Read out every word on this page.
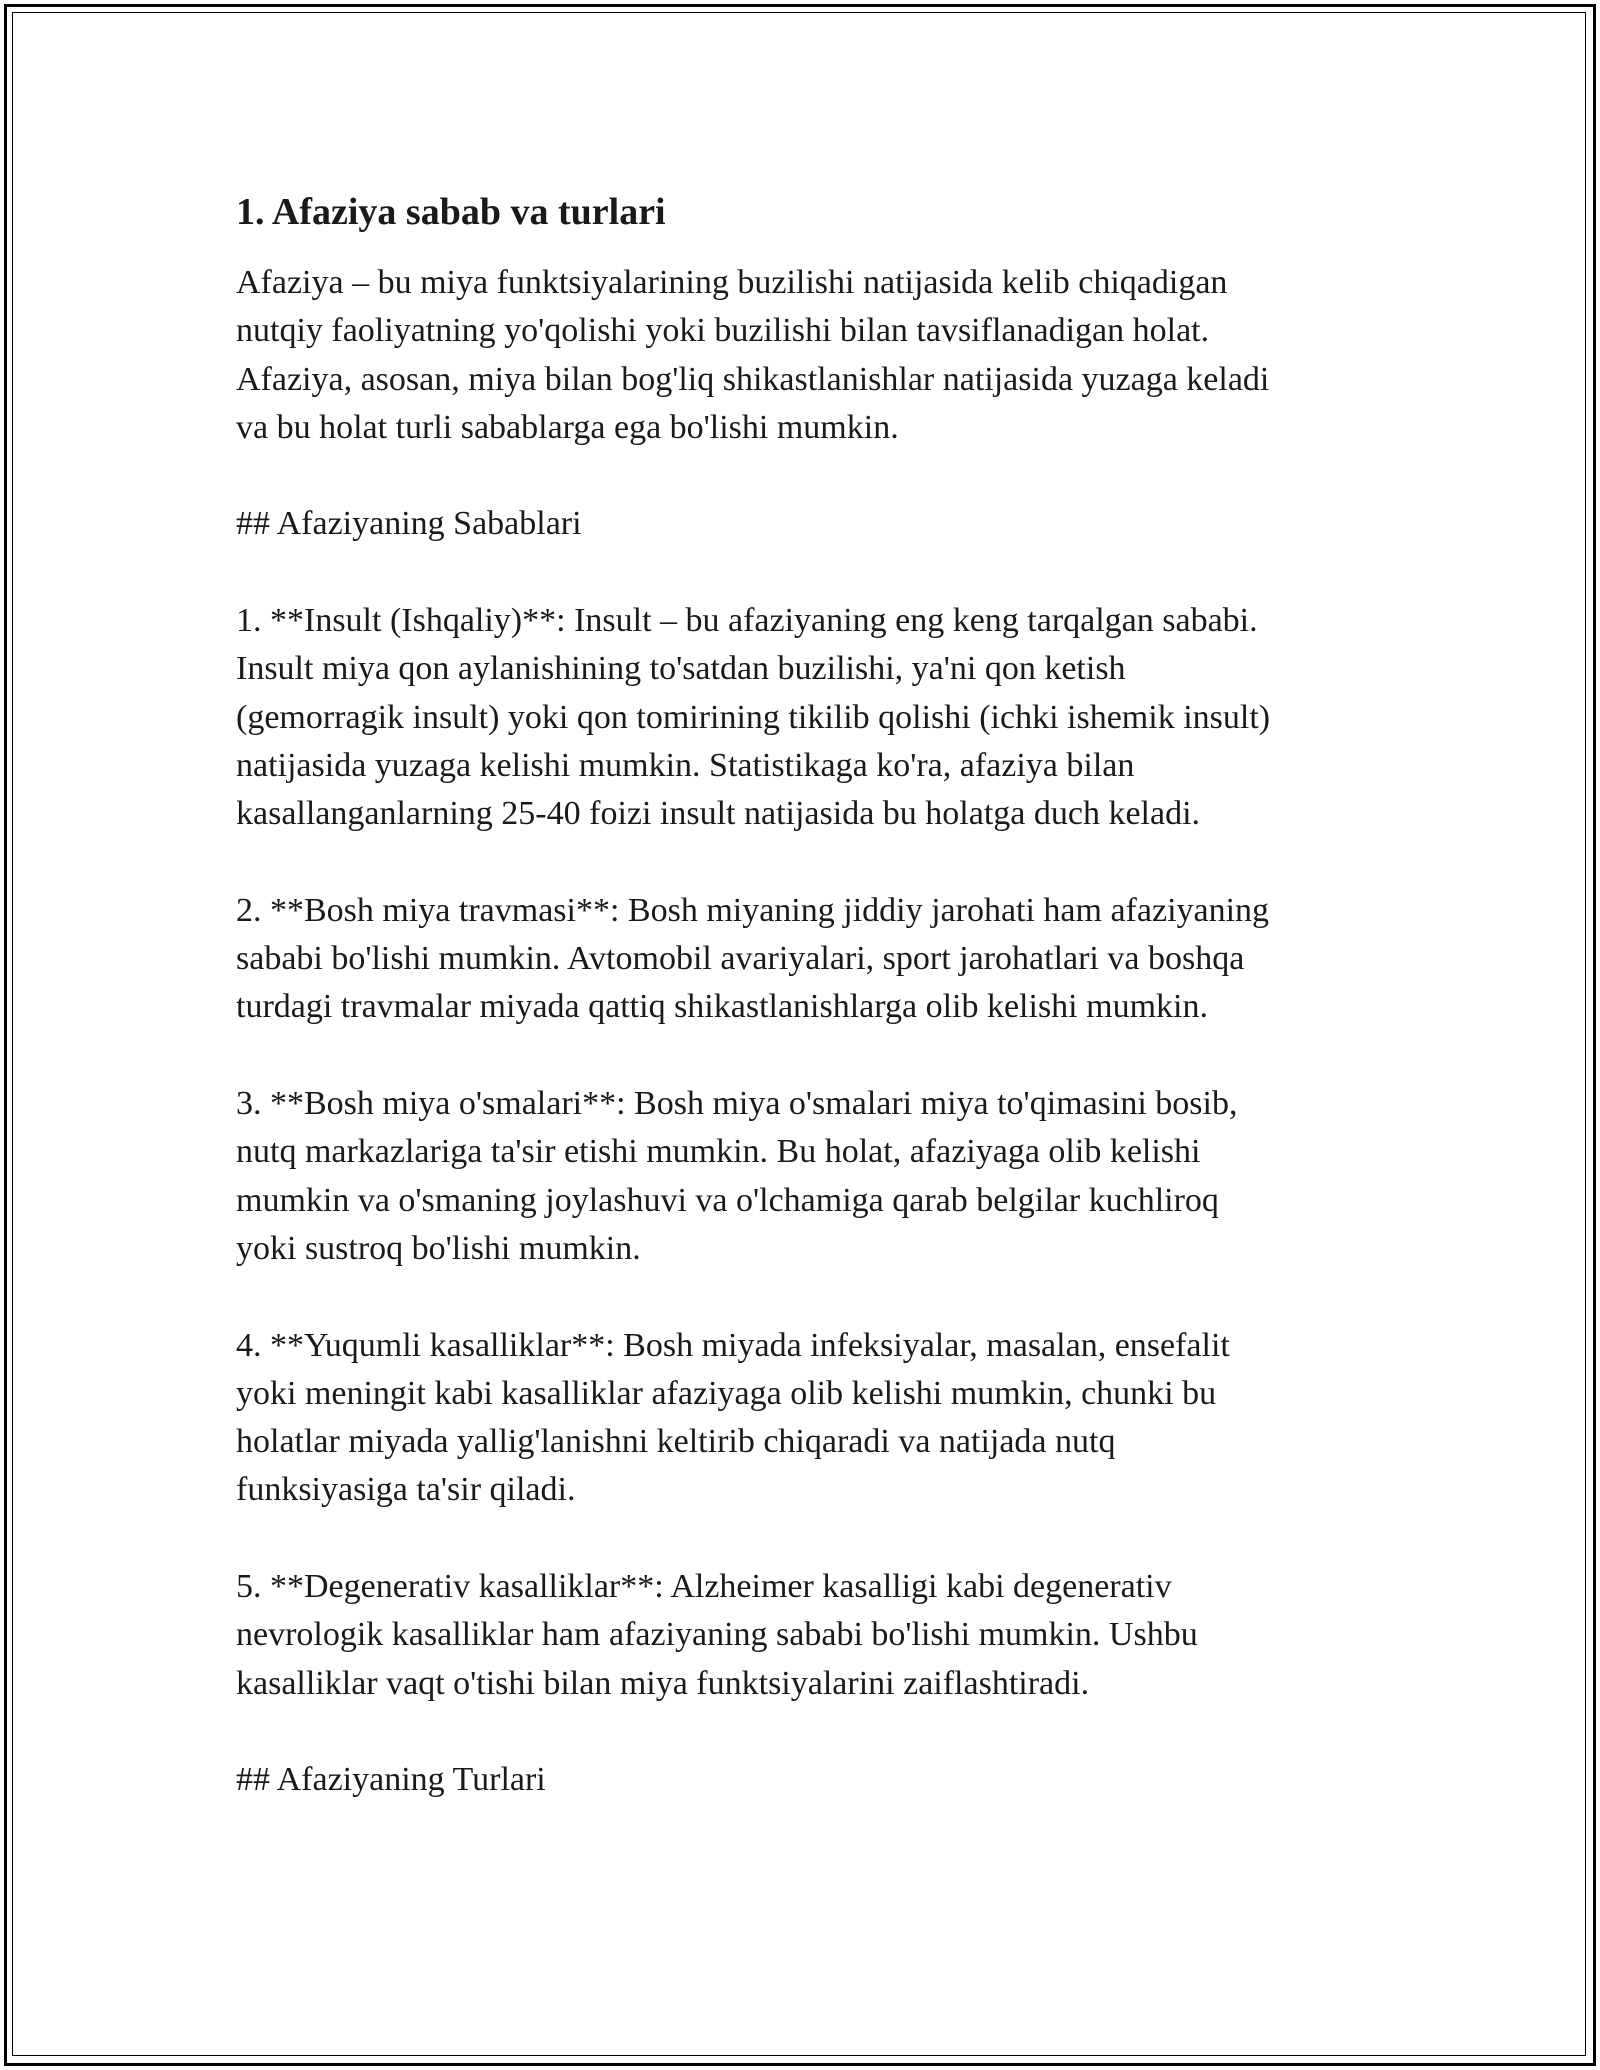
1. Afaziya sabab va turlari

Afaziya – bu miya funktsiyalarining buzilishi natijasida kelib chiqadigan
nutqiy faoliyatning yo'qolishi yoki buzilishi bilan tavsiflanadigan holat.
Afaziya, asosan, miya bilan bog'liq shikastlanishlar natijasida yuzaga keladi
va bu holat turli sabablarga ega bo'lishi mumkin.

## Afaziyaning Sabablari

1. **Insult (Ishqaliy)**: Insult – bu afaziyaning eng keng tarqalgan sababi.
Insult miya qon aylanishining to'satdan buzilishi, ya'ni qon ketish
(gemorragik insult) yoki qon tomirining tikilib qolishi (ichki ishemik insult)
natijasida yuzaga kelishi mumkin. Statistikaga ko'ra, afaziya bilan
kasallanganlarning 25-40 foizi insult natijasida bu holatga duch keladi.

2. **Bosh miya travmasi**: Bosh miyaning jiddiy jarohati ham afaziyaning
sababi bo'lishi mumkin. Avtomobil avariyalari, sport jarohatlari va boshqa
turdagi travmalar miyada qattiq shikastlanishlarga olib kelishi mumkin.

3. **Bosh miya o'smalari**: Bosh miya o'smalari miya to'qimasini bosib,
nutq markazlariga ta'sir etishi mumkin. Bu holat, afaziyaga olib kelishi
mumkin va o'smaning joylashuvi va o'lchamiga qarab belgilar kuchliroq
yoki sustroq bo'lishi mumkin.

4. **Yuqumli kasalliklar**: Bosh miyada infeksiyalar, masalan, ensefalit
yoki meningit kabi kasalliklar afaziyaga olib kelishi mumkin, chunki bu
holatlar miyada yallig'lanishni keltirib chiqaradi va natijada nutq
funksiyasiga ta'sir qiladi.

5. **Degenerativ kasalliklar**: Alzheimer kasalligi kabi degenerativ
nevrologik kasalliklar ham afaziyaning sababi bo'lishi mumkin. Ushbu
kasalliklar vaqt o'tishi bilan miya funktsiyalarini zaiflashtiradi.

## Afaziyaning Turlari
